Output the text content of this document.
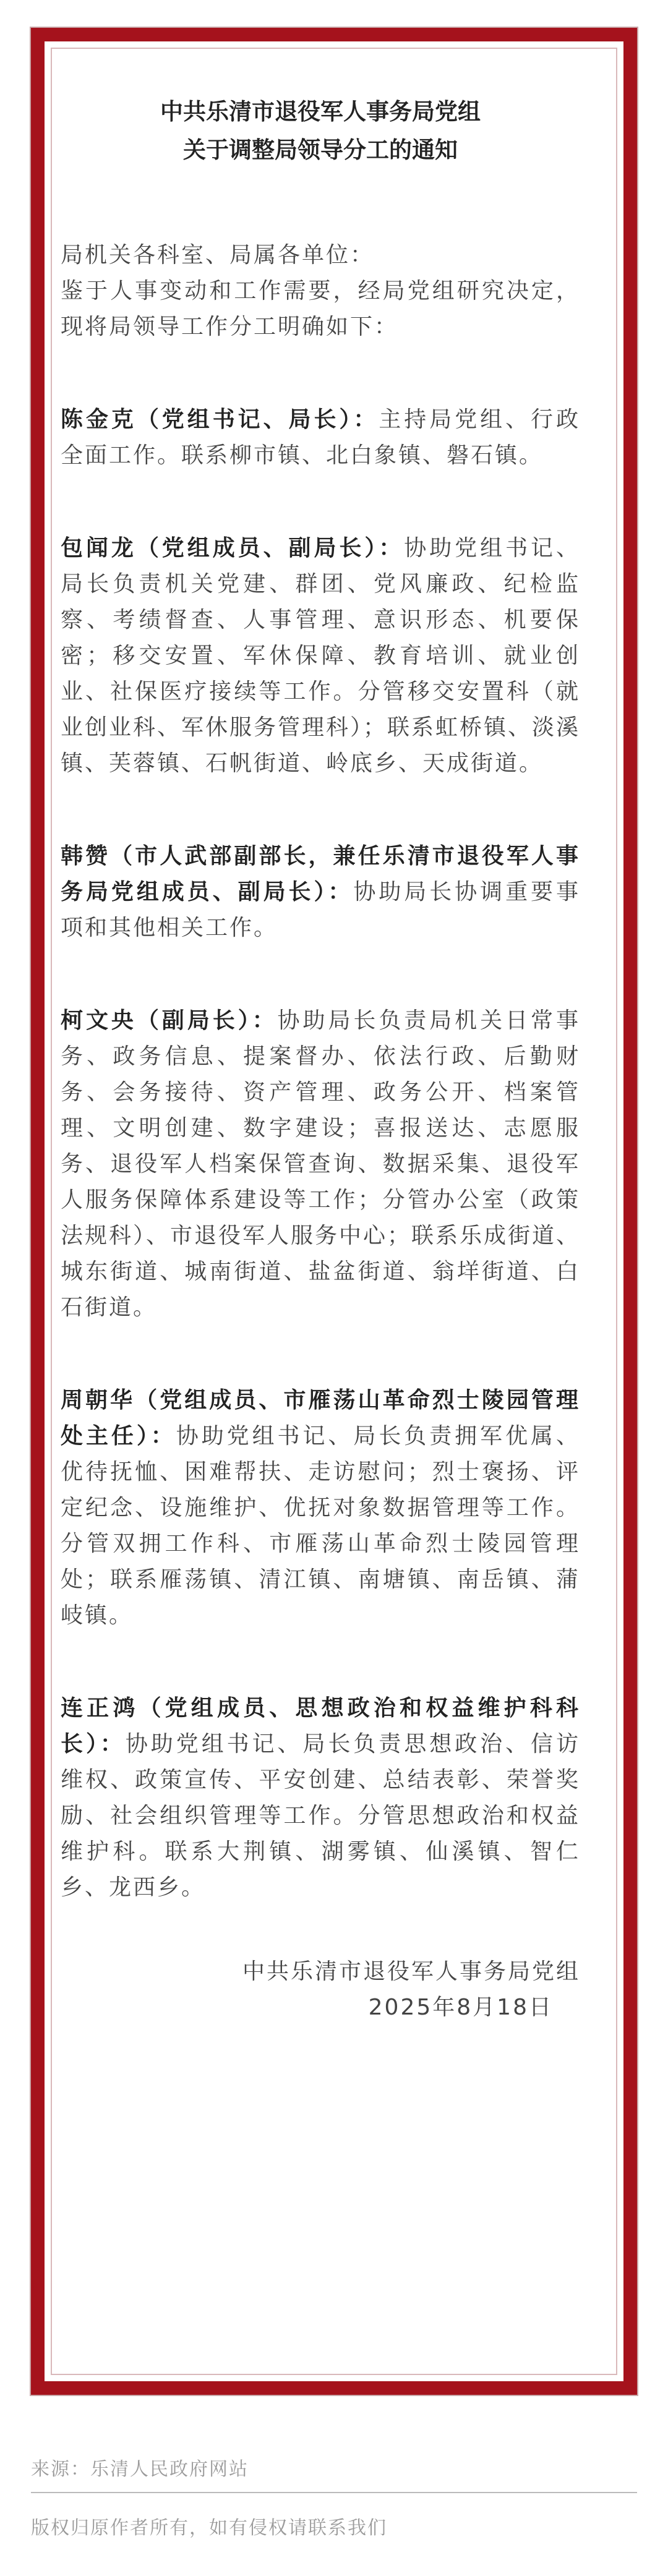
中共乐清市退役军人事务局党组
关于调整局领导分工的通知
局机关各科室、局属各单位：

鉴于人事变动和工作需要，经局党组研究决定，现将局领导工作分工明确如下：

陈金克（党组书记、局长）：主持局党组、行政全面工作。联系柳市镇、北白象镇、磐石镇。
包闻龙（党组成员、副局长）：协助党组书记、局长负责机关党建、群团、党风廉政、纪检监察、考绩督查、人事管理、意识形态、机要保密；移交安置、军休保障、教育培训、就业创业、社保医疗接续等工作。分管移交安置科（就业创业科、军休服务管理科）；联系虹桥镇、淡溪镇、芙蓉镇、石帆街道、岭底乡、天成街道。
韩赞（市人武部副部长，兼任乐清市退役军人事务局党组成员、副局长）：协助局长协调重要事项和其他相关工作。
柯文央（副局长）：协助局长负责局机关日常事务、政务信息、提案督办、依法行政、后勤财务、会务接待、资产管理、政务公开、档案管理、文明创建、数字建设；喜报送达、志愿服务、退役军人档案保管查询、数据采集、退役军人服务保障体系建设等工作；分管办公室（政策法规科）、市退役军人服务中心；联系乐成街道、城东街道、城南街道、盐盆街道、翁垟街道、白石街道。
周朝华（党组成员、市雁荡山革命烈士陵园管理处主任）：协助党组书记、局长负责拥军优属、优待抚恤、困难帮扶、走访慰问；烈士褒扬、评定纪念、设施维护、优抚对象数据管理等工作。分管双拥工作科、市雁荡山革命烈士陵园管理处；联系雁荡镇、清江镇、南塘镇、南岳镇、蒲岐镇。
连正鸿（党组成员、思想政治和权益维护科科长）：协助党组书记、局长负责思想政治、信访维权、政策宣传、平安创建、总结表彰、荣誉奖励、社会组织管理等工作。分管思想政治和权益维护科。联系大荆镇、湖雾镇、仙溪镇、智仁乡、龙西乡。
中共乐清市退役军人事务局党组
2025年8月18日
来源：乐清人民政府网站
版权归原作者所有，如有侵权请联系我们
